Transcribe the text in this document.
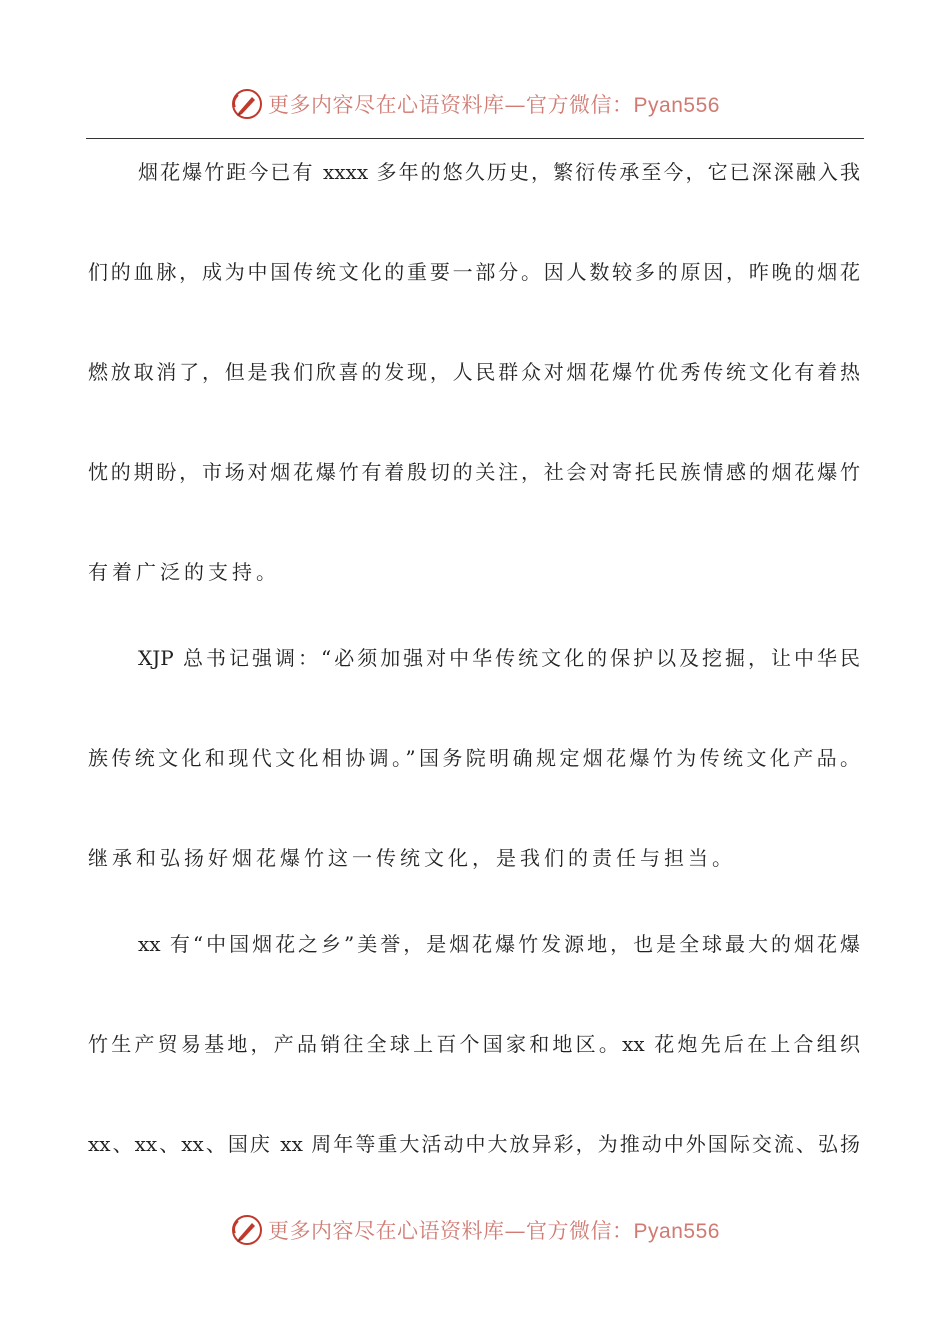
更多内容尽在心语资料库—官方微信：Pyan556
烟花爆竹距今已有 xxxx 多年的悠久历史，繁衍传承至今，它已深深融入我
们的血脉，成为中国传统文化的重要一部分。因人数较多的原因，昨晚的烟花
燃放取消了，但是我们欣喜的发现，人民群众对烟花爆竹优秀传统文化有着热
忱的期盼，市场对烟花爆竹有着殷切的关注，社会对寄托民族情感的烟花爆竹
有着广泛的支持。
XJP 总书记强调：“必须加强对中华传统文化的保护以及挖掘，让中华民
族传统文化和现代文化相协调。”国务院明确规定烟花爆竹为传统文化产品。
继承和弘扬好烟花爆竹这一传统文化，是我们的责任与担当。
xx 有“中国烟花之乡”美誉，是烟花爆竹发源地，也是全球最大的烟花爆
竹生产贸易基地，产品销往全球上百个国家和地区。xx 花炮先后在上合组织
xx、xx、xx、国庆 xx 周年等重大活动中大放异彩，为推动中外国际交流、弘扬
更多内容尽在心语资料库—官方微信：Pyan556
